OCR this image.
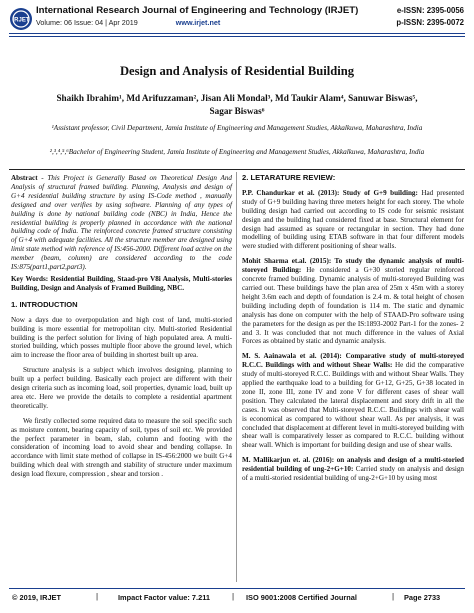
IRJET
International Research Journal of Engineering and Technology (IRJET)
Volume: 06 Issue: 04 | Apr 2019	www.irjet.net
e-ISSN: 2395-0056
p-ISSN: 2395-0072
Design and Analysis of Residential Building
Shaikh Ibrahim¹, Md Arifuzzaman², Jisan Ali Mondal³, Md Taukir Alam⁴, Sanuwar Biswas⁵,
Sagar Biswas⁶
¹Assistant professor, Civil Department, Jamia Institute of Engineering and Management Studies, Akkalkuwa, Maharashtra, India
²,³,⁴,⁵,⁶Bachelor of Engineering Student, Jamia Institute of Engineering and Management Studies, Akkalkuwa, Maharashtra, India
Abstract - This Project is Generally Based on Theoretical Design And Analysis of structural framed building. Planning, Analysis and design of G+4 residential building structure by using IS-Code method , manually designed and over verifies by using software. Planning of any types of building is done by national building code (NBC) in India, Hence the residential building is properly planned in accordance with the national building code of India. The reinforced concrete framed structure consisting of G+4 with adequate facilities. All the structure member are designed using limit state method with reference of IS:456-2000. Different load active on the member (beam, column) are considered according to the code IS:875(part1,part2,part3).
Key Words: Residential Building, Staad-pro V8i Analysis, Multi-stories Building, Design and Analysis of Framed Building, NBC.
1. INTRODUCTION

Now a days due to overpopulation and high cost of land, multi-storied building is more essential for metropolitan city. Multi-storied Residential building is the perfect solution for living of high populated area. A multi-storied building, which posses multiple floor above the ground level, which aim to increase the floor area of building in shortest built up area.

Structure analysis is a subject which involves designing, planning to built up a perfect building. Basically each project are different with their design criteria such as incoming load, soil properties, dynamic load, built up area etc. Here we provide the details to complete a residential apartment theoretically.

We firstly collected some required data to measure the soil specific such as moisture content, bearing capacity of soil, types of soil etc. We provided the perfect parameter in beam, slab, column and footing with the consideration of incoming load to avoid shear and bending collapse. In accordance with limit state method of collapse in IS-456:2000 we built G+4 building which deal with strength and stability of structure under maximum design load flexure, compression , shear and torsion .

2. LETARATURE REVIEW:

P.P. Chandurkar et al. (2013): Study of G+9 building: Had presented study of G+9 building having three meters height for each storey. The whole building design had carried out according to IS code for seismic resistant design and the building had considered fixed at base. Structural element for design had assumed as square or rectangular in section. They had done modelling of building using ETAB software in that four different models were studied with different positioning of shear walls.

Mohit Sharma et.al. (2015): To study the dynamic analysis of multi-storeyed Building: He considered a G+30 storied regular reinforced concrete framed building. Dynamic analysis of multi-storeyed Building was carried out. These buildings have the plan area of 25m x 45m with a storey height 3.6m each and depth of foundation is 2.4 m. & total height of chosen building including depth of foundation is 114 m. The static and dynamic analysis has done on computer with the help of STAAD-Pro software using the parameters for the design as per the IS:1893-2002 Part-1 for the zones- 2 and 3. It was concluded that not much difference in the values of Axial Forces as obtained by static and dynamic analysis.

M. S. Aainawala et al. (2014): Comparative study of multi-storeyed R.C.C. Buildings with and without Shear Walls: He did the comparative study of multi-storeyed R.C.C. Buildings with and without Shear Walls. They applied the earthquake load to a building for G+12, G+25, G+38 located in zone II, zone III, zone IV and zone V for different cases of shear wall position. They calculated the lateral displacement and story drift in all the cases. It was observed that Multi-storeyed R.C.C. Buildings with shear wall is economical as compared to without shear wall. As per analysis, it was concluded that displacement at different level in multi-storeyed building with shear wall is comparatively lesser as compared to R.C.C. building without shear wall. Which is important for building design and use of shear walls.

M. Mallikarjun et. al. (2016): on analysis and design of a multi-storied residential building of ung-2+G+10: Carried study on analysis and design of a multi-storied residential building of ung-2+G+10 by using most

© 2019, IRJET	|	Impact Factor value: 7.211	| ISO 9001:2008 Certified Journal	| Page 2733
